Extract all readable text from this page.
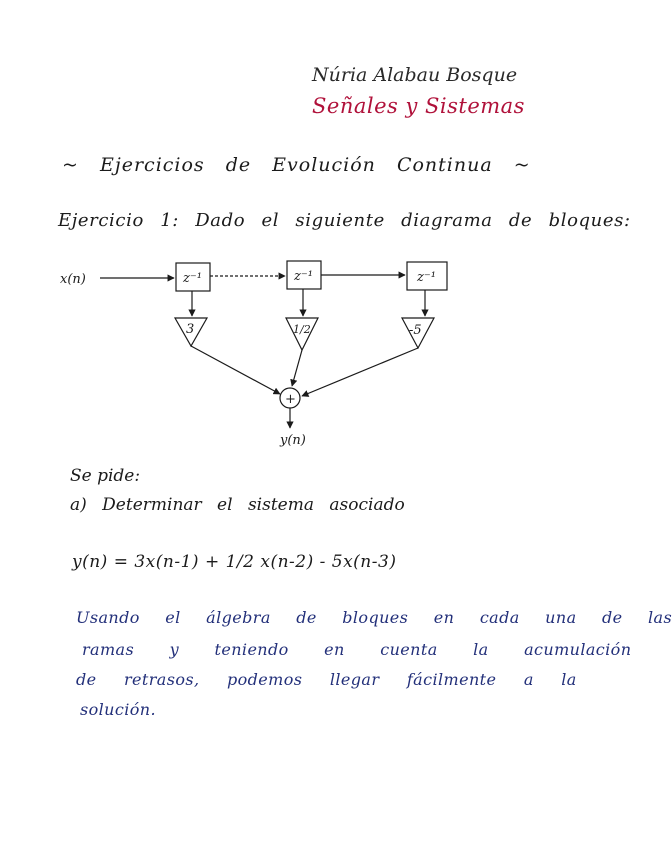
Núria Alabau Bosque
Señales y Sistemas
~ Ejercicios de Evolución Continua ~
Ejercicio 1: Dado el siguiente diagrama de bloques:
x(n)	z⁻¹	z⁻¹	z⁻¹
3	1/2	-5
+
y(n)
Se pide:
a) Determinar el sistema asociado
y(n) = 3x(n-1) + 1/2 x(n-2) - 5x(n-3)
Usando el álgebra de bloques en cada una de las
ramas y teniendo en cuenta la acumulación
de retrasos, podemos llegar fácilmente a la
solución.
